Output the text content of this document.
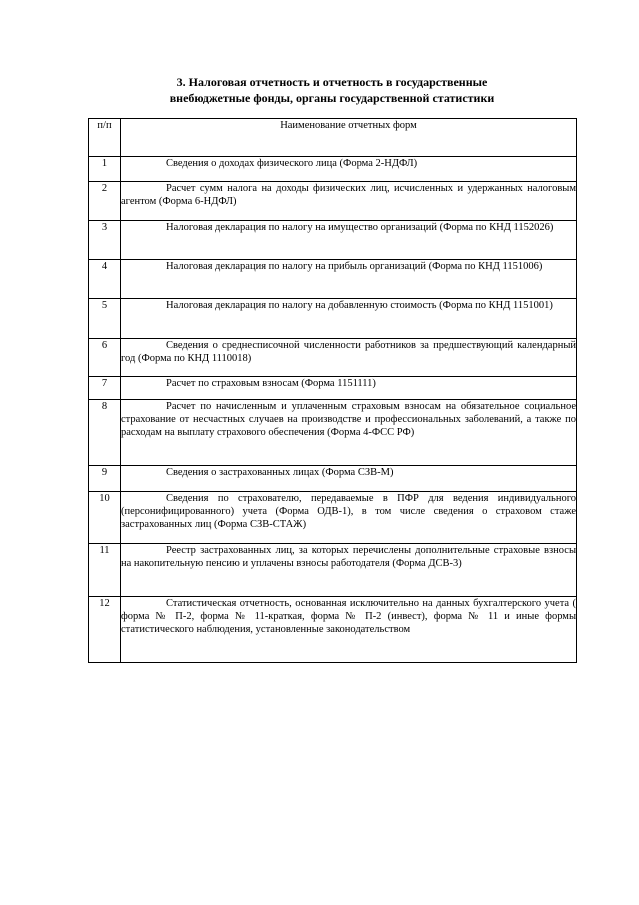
3. Налоговая отчетность и отчетность в государственные
внебюджетные фонды, органы государственной статистики
п/п	Наименование отчетных форм
1	Сведения о доходах физического лица (Форма 2-НДФЛ)
2	Расчет сумм налога на доходы физических лиц, исчисленных и удержанных налоговым агентом (Форма 6-НДФЛ)
3	Налоговая декларация по налогу на имущество организаций (Форма по КНД 1152026)
4	Налоговая декларация по налогу на прибыль организаций (Форма по КНД 1151006)
5	Налоговая декларация по налогу на добавленную стоимость (Форма по КНД 1151001)
6	Сведения о среднесписочной численности работников за предшествующий календарный год (Форма по КНД 1110018)
7	Расчет по страховым взносам (Форма 1151111)
8	Расчет по начисленным и уплаченным страховым взносам на обязательное социальное страхование от несчастных случаев на производстве и профессиональных заболеваний, а также по расходам на выплату страхового обеспечения (Форма 4-ФСС РФ)
9	Сведения о застрахованных лицах (Форма СЗВ-М)
10	Сведения по страхователю, передаваемые в ПФР для ведения индивидуального (персонифицированного) учета (Форма ОДВ-1), в том числе сведения о страховом стаже застрахованных лиц (Форма СЗВ-СТАЖ)
11	Реестр застрахованных лиц, за которых перечислены дополнительные страховые взносы на накопительную пенсию и уплачены взносы работодателя (Форма ДСВ-3)
12	Статистическая отчетность, основанная исключительно на данных бухгалтерского учета ( форма № П-2, форма № 11-краткая, форма № П-2 (инвест), форма № 11 и иные формы статистического наблюдения, установленные законодательством
